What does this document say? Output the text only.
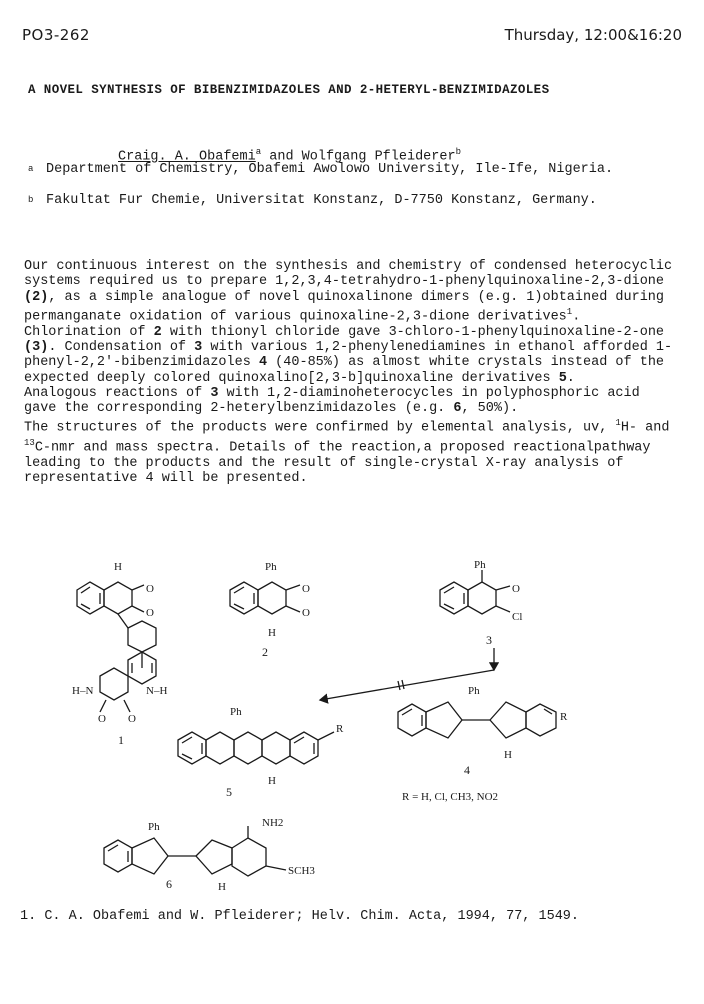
PO3-262	Thursday, 12:00&16:20
A NOVEL SYNTHESIS OF BIBENZIMIDAZOLES AND 2-HETERYL-BENZIMIDAZOLES
Craig. A. Obafemi$^a$ and Wolfgang Pfleiderer$^b$
$^a$ Department of Chemistry, Obafemi Awolowo University, Ile-Ife, Nigeria.
$^b$ Fakultat Fur Chemie, Universitat Konstanz, D-7750 Konstanz, Germany.

Our continuous interest on the synthesis and chemistry of condensed heterocyclic systems required us to prepare 1,2,3,4-tetrahydro-1-phenylquinoxaline-2,3-dione (2), as a simple analogue of novel quinoxalinone dimers (e.g. 1)obtained during permanganate oxidation of various quinoxaline-2,3-dione derivatives$^1$. Chlorination of 2 with thionyl chloride gave 3-chloro-1-phenylquinoxaline-2-one (3). Condensation of 3 with various 1,2-phenylenediamines in ethanol afforded 1-phenyl-2,2′-bibenzimidazoles 4 (40-85%) as almost white crystals instead of the expected deeply colored quinoxalino[2,3-b]quinoxaline derivatives 5.

Analogous reactions of 3 with 1,2-diaminoheterocycles in polyphosphoric acid gave the corresponding 2-heterylbenzimidazoles (e.g. 6, 50%).

The structures of the products were confirmed by elemental analysis, uv, $^1$H- and $^{13}$C-nmr and mass spectra. Details of the reaction,a proposed reactionalpathway leading to the products and the result of single-crystal X-ray analysis of representative 4 will be presented.

H
O
O
H–N	N–H
O O
Ph
O
O
H
Ph
O
Cl
Ph
R
H
Ph
R
H
Ph	NH2
SCH3
H
1
2
3
4
5
6
R = H, Cl, CH3, NO2
1. C. A. Obafemi and W. Pfleiderer; Helv. Chim. Acta, 1994, 77, 1549.
